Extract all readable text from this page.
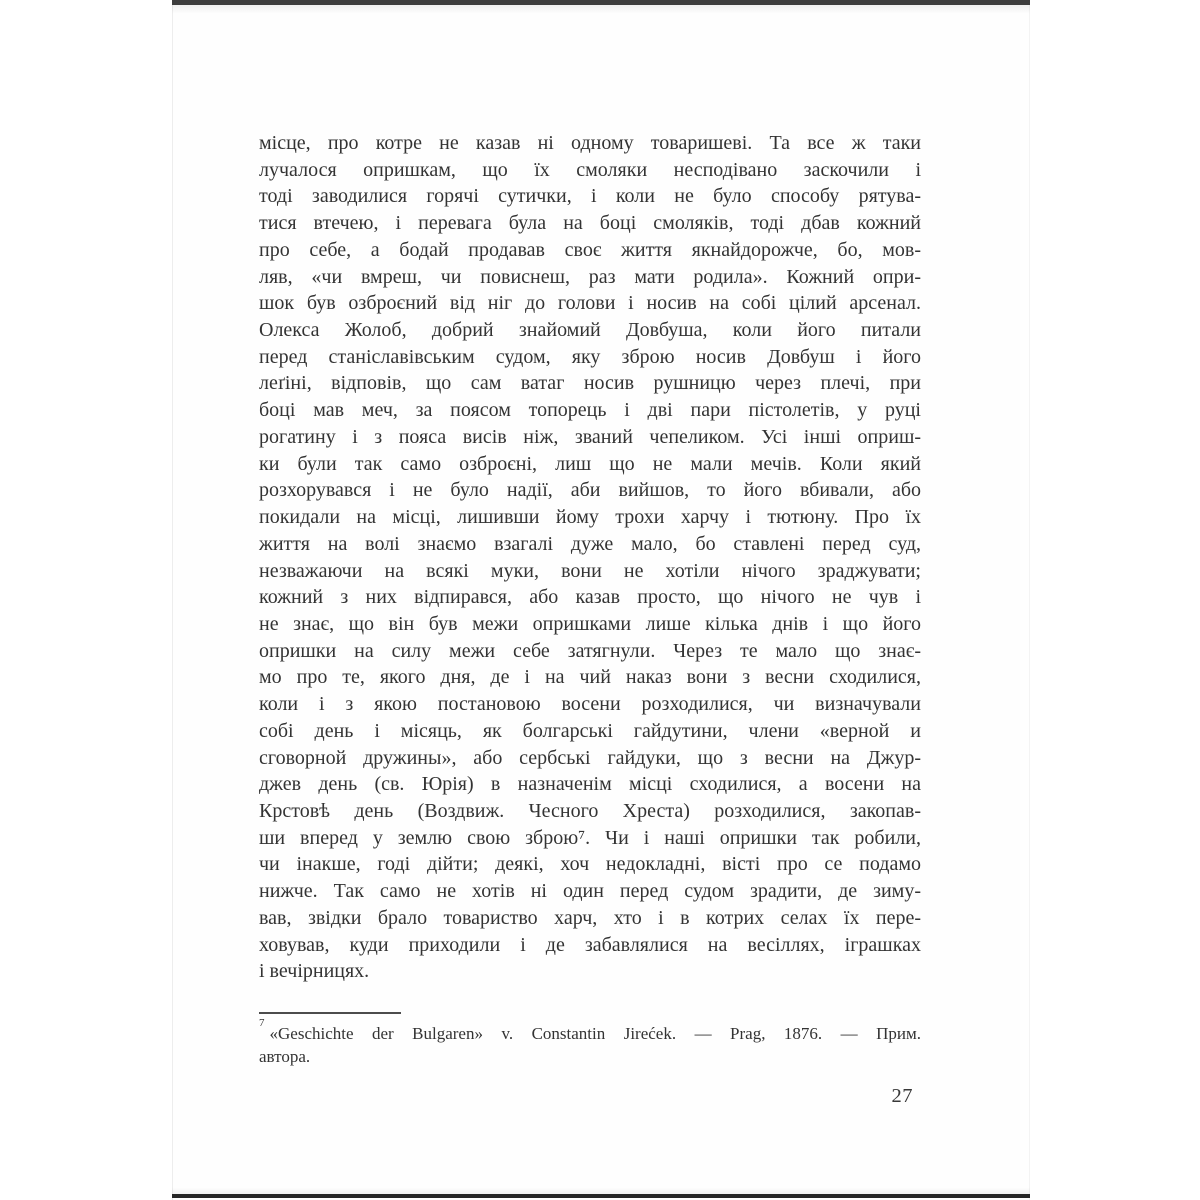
місце, про котре не казав ні одному товаришеві. Та все ж таки
лучалося опришкам, що їх смоляки несподівано заскочили і
тоді заводилися горячі сутички, і коли не було способу рятува-
тися втечею, і перевага була на боці смоляків, тоді дбав кожний
про себе, а бодай продавав своє життя якнайдорожче, бо, мов-
ляв, «чи вмреш, чи повиснеш, раз мати родила». Кожний опри-
шок був озброєний від ніг до голови і носив на собі цілий арсенал.
Олекса Жолоб, добрий знайомий Довбуша, коли його питали
перед станіславівським судом, яку зброю носив Довбуш і його
леґіні, відповів, що сам ватаг носив рушницю через плечі, при
боці мав меч, за поясом топорець і дві пари пістолетів, у руці
рогатину і з пояса висів ніж, званий чепеликом. Усі інші оприш-
ки були так само озброєні, лиш що не мали мечів. Коли який
розхорувався і не було надії, аби вийшов, то його вбивали, або
покидали на місці, лишивши йому трохи харчу і тютюну. Про їх
життя на волі знаємо взагалі дуже мало, бо ставлені перед суд,
незважаючи на всякі муки, вони не хотіли нічого зраджувати;
кожний з них відпирався, або казав просто, що нічого не чув і
не знає, що він був межи опришками лише кілька днів і що його
опришки на силу межи себе затягнули. Через те мало що знає-
мо про те, якого дня, де і на чий наказ вони з весни сходилися,
коли і з якою постановою восени розходилися, чи визначували
собі день і місяць, як болгарські гайдутини, члени «верной и
сговорной дружины», або сербські гайдуки, що з весни на Джур-
джев день (св. Юрія) в назначенім місці сходилися, а восени на
Крстовѣ день (Воздвиж. Чесного Хреста) розходилися, закопав-
ши вперед у землю свою зброю⁷. Чи і наші опришки так робили,
чи інакше, годі дійти; деякі, хоч недокладні, вісті про се подамо
нижче. Так само не хотів ні один перед судом зрадити, де зиму-
вав, звідки брало товариство харч, хто і в котрих селах їх пере-
ховував, куди приходили і де забавлялися на весіллях, іграшках
і вечірницях.
$^7$«Geschichte der Bulgaren» v. Constantin Jirećek. — Prag, 1876. — Прим.
автора.
27
